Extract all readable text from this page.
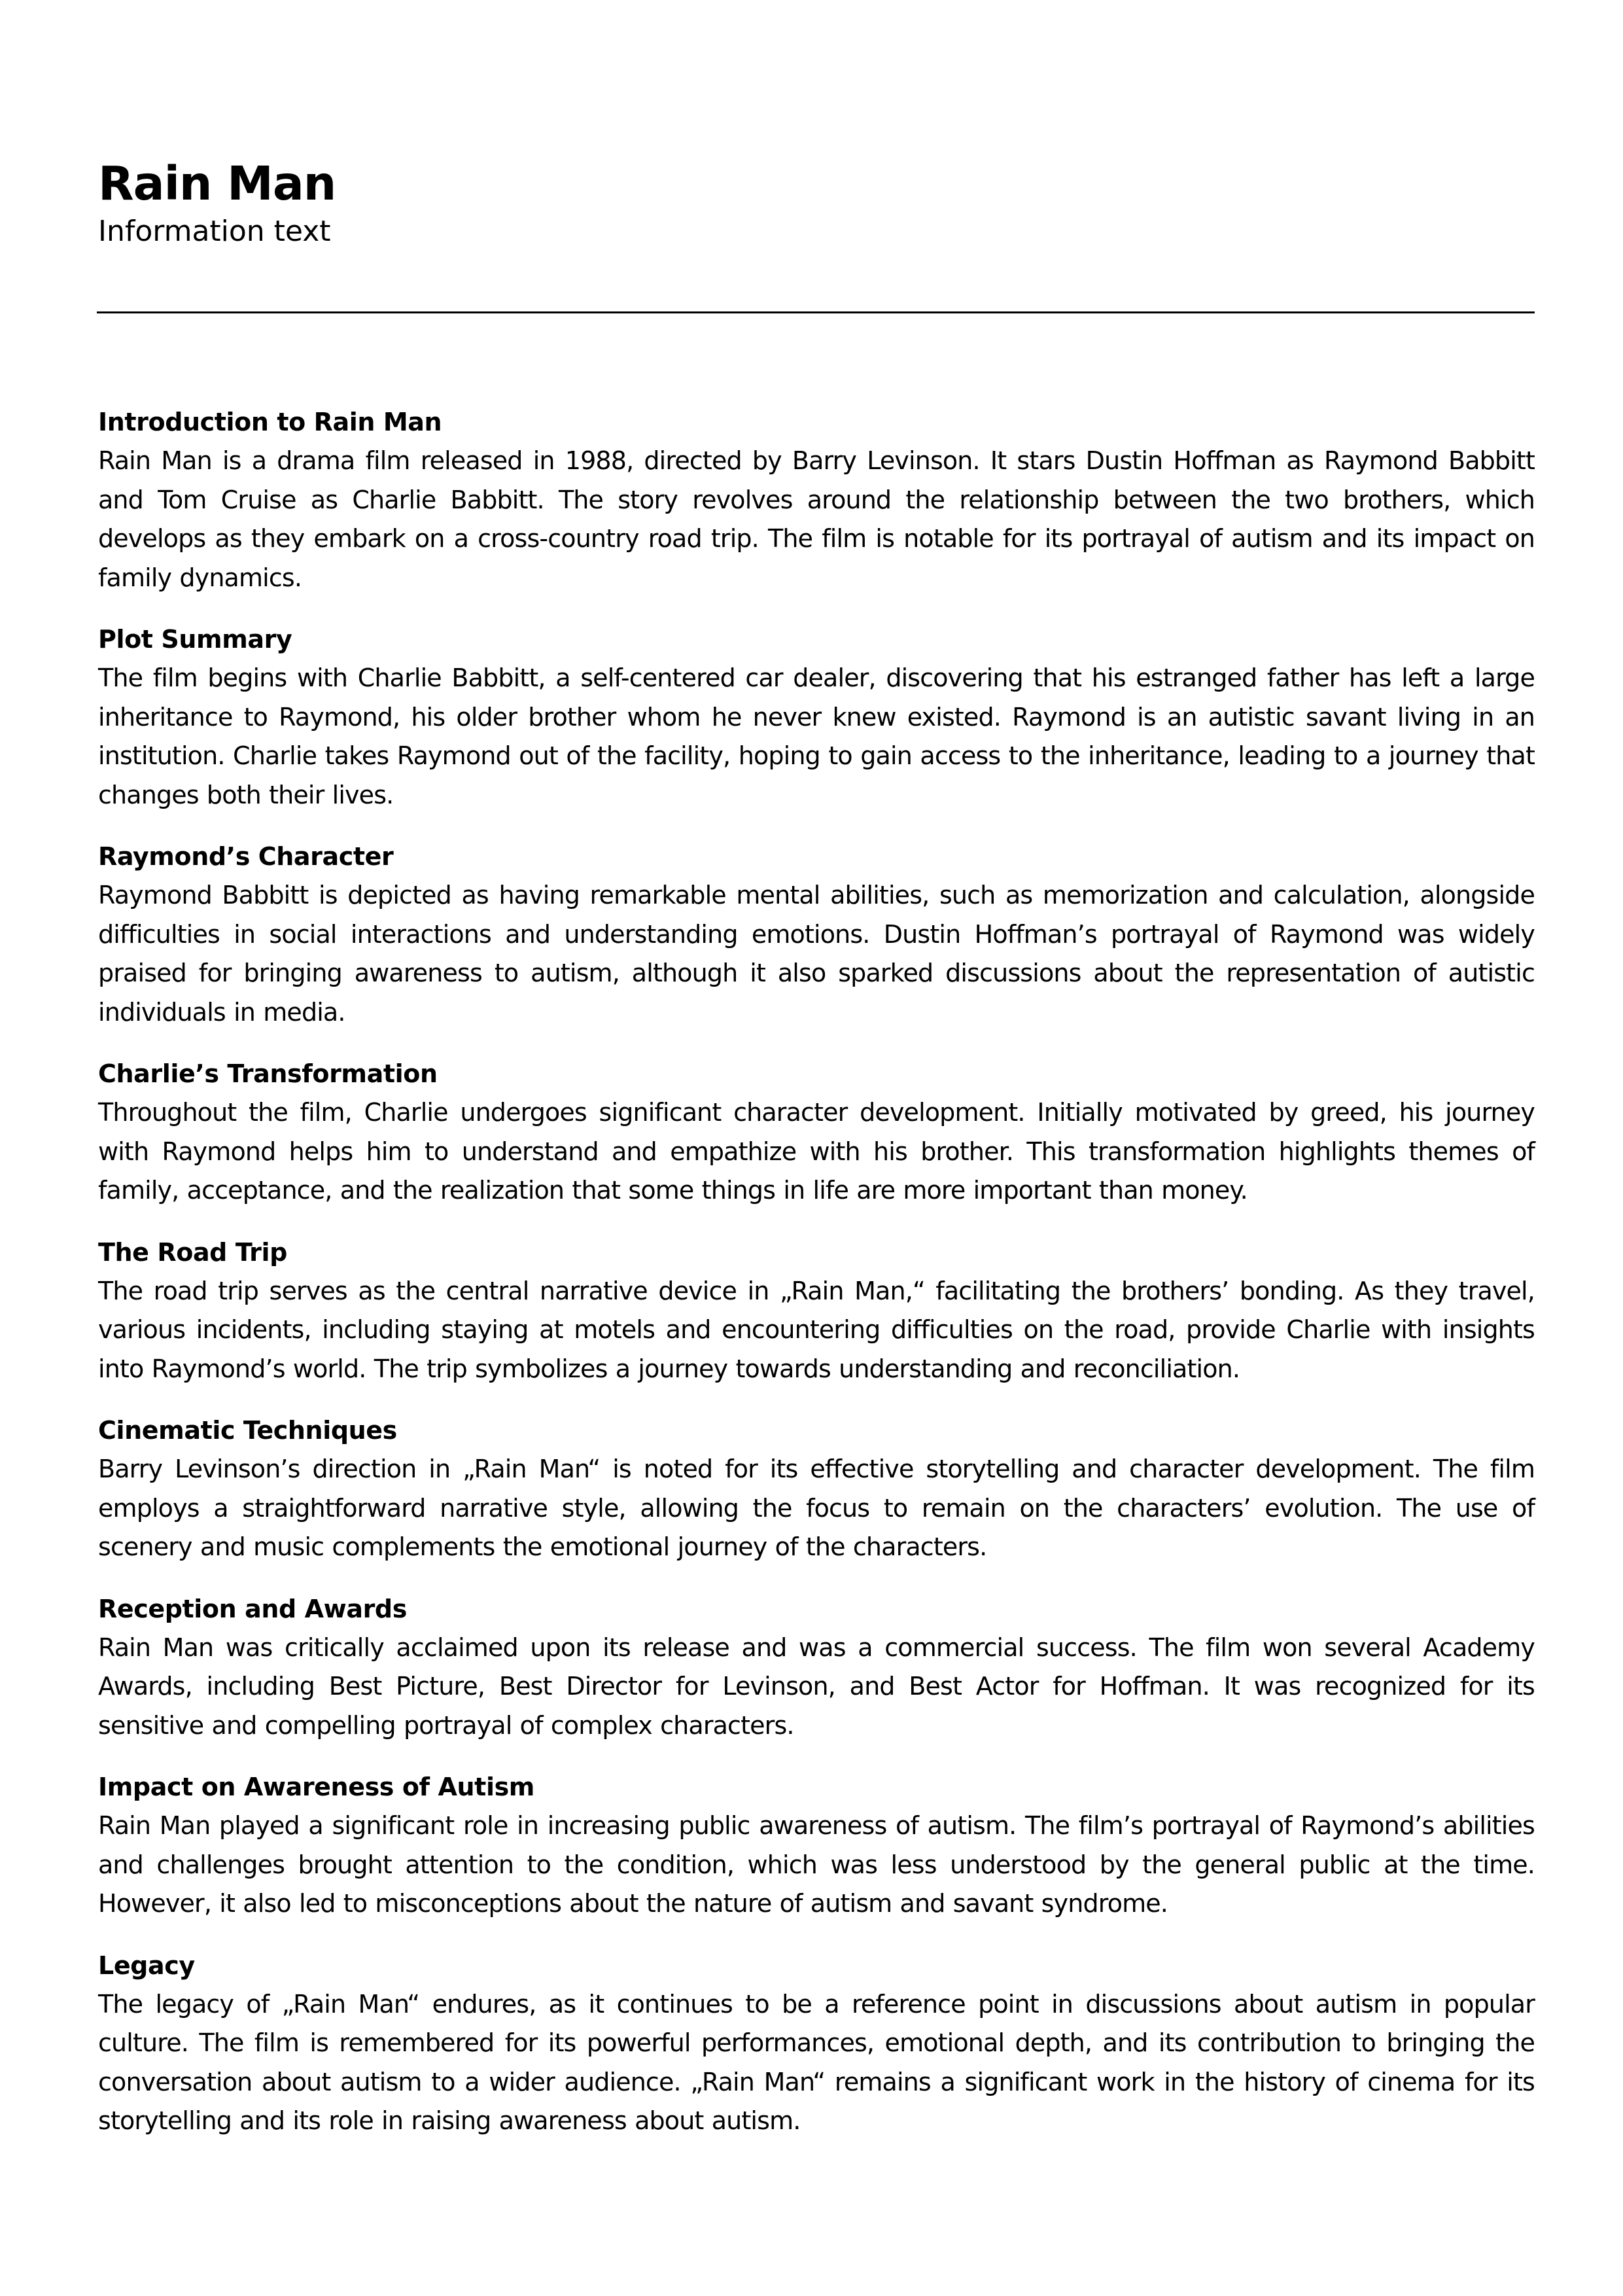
Rain Man

Information text

Introduction to Rain Man

Rain Man is a drama film released in 1988, directed by Barry Levinson. It stars Dustin Hoffman as Raymond Babbitt and Tom Cruise as Charlie Babbitt. The story revolves around the relationship between the two brothers, which develops as they embark on a cross-country road trip. The film is notable for its portrayal of autism and its impact on family dynamics.

Plot Summary

The film begins with Charlie Babbitt, a self-centered car dealer, discovering that his estranged father has left a large inheritance to Raymond, his older brother whom he never knew existed. Raymond is an autistic savant living in an institution. Charlie takes Raymond out of the facility, hoping to gain access to the inheritance, leading to a journey that changes both their lives.

Raymond’s Character

Raymond Babbitt is depicted as having remarkable mental abilities, such as memorization and calculation, alongside difficulties in social interactions and understanding emotions. Dustin Hoffman’s portrayal of Raymond was widely praised for bringing awareness to autism, although it also sparked discussions about the representation of autistic individuals in media.

Charlie’s Transformation

Throughout the film, Charlie undergoes significant character development. Initially motivated by greed, his journey with Raymond helps him to understand and empathize with his brother. This transformation highlights themes of family, acceptance, and the realization that some things in life are more important than money.

The Road Trip

The road trip serves as the central narrative device in „Rain Man,“ facilitating the brothers’ bonding. As they travel, various incidents, including staying at motels and encountering difficulties on the road, provide Charlie with insights into Raymond’s world. The trip symbolizes a journey towards understanding and reconciliation.

Cinematic Techniques

Barry Levinson’s direction in „Rain Man“ is noted for its effective storytelling and character development. The film employs a straightforward narrative style, allowing the focus to remain on the characters’ evolution. The use of scenery and music complements the emotional journey of the characters.

Reception and Awards

Rain Man was critically acclaimed upon its release and was a commercial success. The film won several Academy Awards, including Best Picture, Best Director for Levinson, and Best Actor for Hoffman. It was recognized for its sensitive and compelling portrayal of complex characters.

Impact on Awareness of Autism

Rain Man played a significant role in increasing public awareness of autism. The film’s portrayal of Raymond’s abilities and challenges brought attention to the condition, which was less understood by the general public at the time. However, it also led to misconceptions about the nature of autism and savant syndrome.

Legacy

The legacy of „Rain Man“ endures, as it continues to be a reference point in discussions about autism in popular culture. The film is remembered for its powerful performances, emotional depth, and its contribution to bringing the conversation about autism to a wider audience. „Rain Man“ remains a significant work in the history of cinema for its storytelling and its role in raising awareness about autism.
